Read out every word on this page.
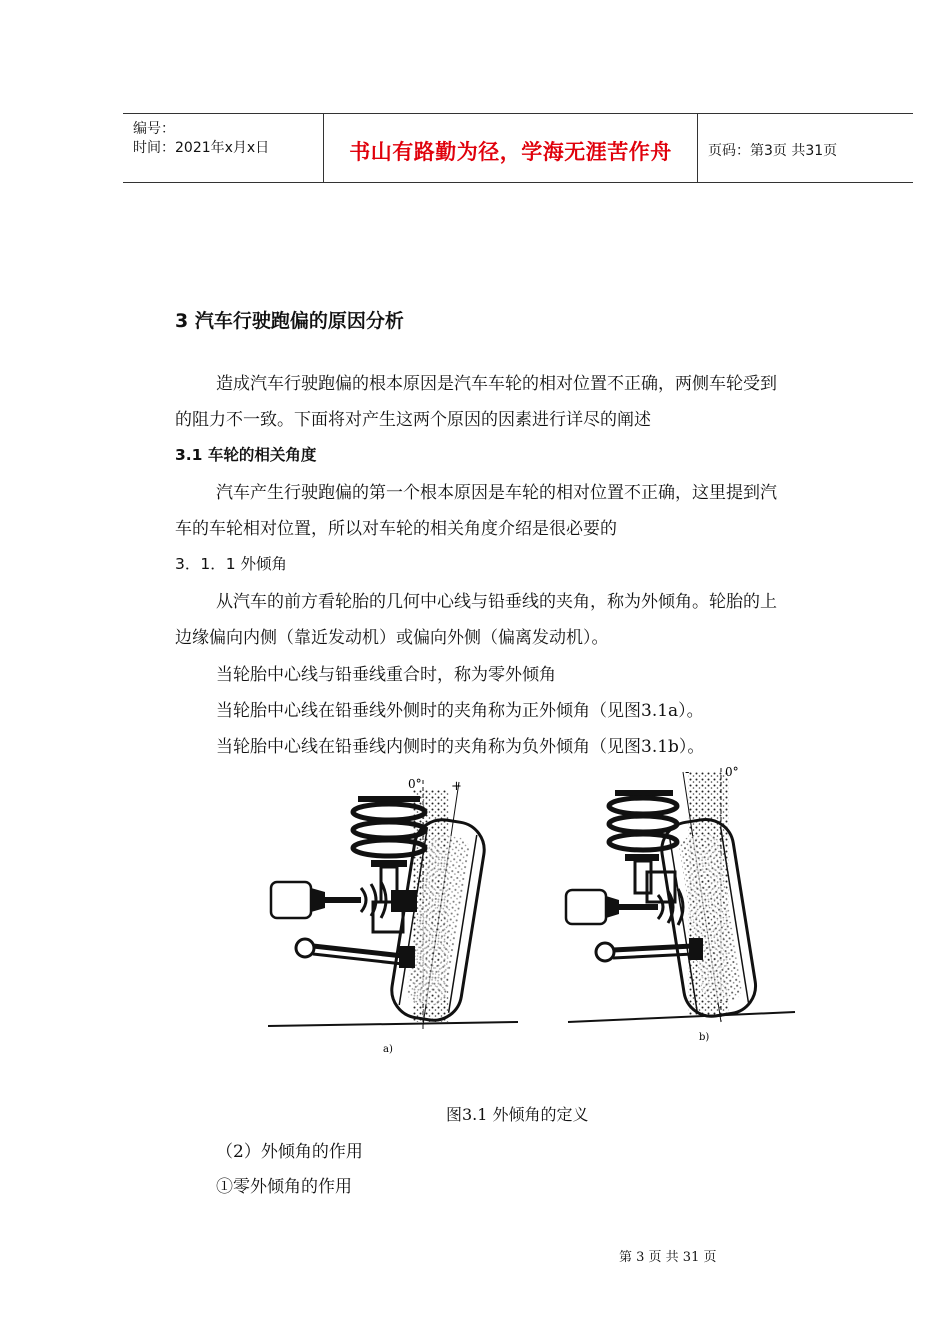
编号：
时间：2021年x月x日	书山有路勤为径，学海无涯苦作舟	页码：第3页 共31页
3 汽车行驶跑偏的原因分析
造成汽车行驶跑偏的根本原因是汽车车轮的相对位置不正确，两侧车轮受到
的阻力不一致。下面将对产生这两个原因的因素进行详尽的阐述
3.1 车轮的相关角度
汽车产生行驶跑偏的第一个根本原因是车轮的相对位置不正确，这里提到汽
车的车轮相对位置，所以对车轮的相关角度介绍是很必要的
3．1．1 外倾角
从汽车的前方看轮胎的几何中心线与铅垂线的夹角，称为外倾角。轮胎的上
边缘偏向内侧（靠近发动机）或偏向外侧（偏离发动机）。
当轮胎中心线与铅垂线重合时，称为零外倾角
当轮胎中心线在铅垂线外侧时的夹角称为正外倾角（见图3.1a）。
当轮胎中心线在铅垂线内侧时的夹角称为负外倾角（见图3.1b）。
0° +
a)
-	0°
b)
图3.1 外倾角的定义
（2）外倾角的作用
①零外倾角的作用
第 3 页 共 31 页
